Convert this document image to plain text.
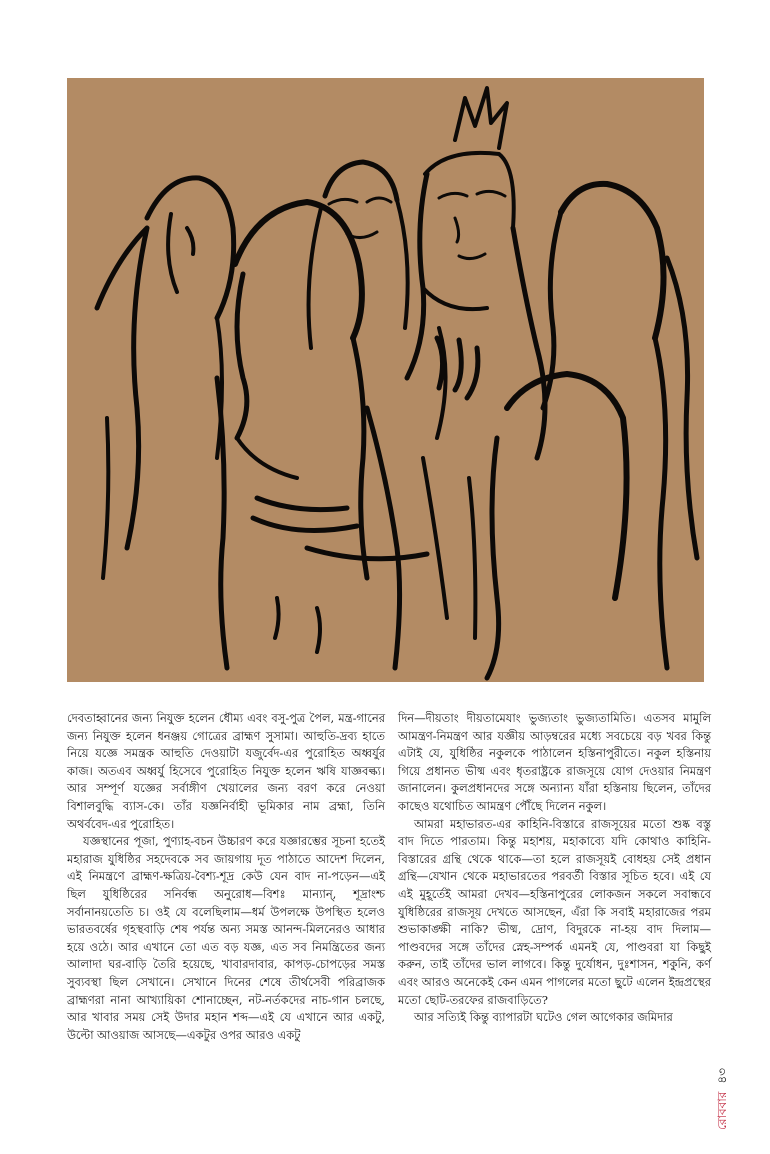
দেবতাহ্বানের জন্য নিযুক্ত হলেন ধৌম্য এবং বসু-পুত্র পৈল, মন্ত্র-গানের জন্য নিযুক্ত হলেন ধনঞ্জয় গোত্রের ব্রাহ্মণ সুসামা। আহুতি-দ্রব্য হাতে নিয়ে যজ্ঞে সমন্ত্রক আহুতি দেওয়াটা যজুর্বেদ-এর পুরোহিত অধ্বর্যুর কাজ। অতএব অধ্বর্যু হিসেবে পুরোহিত নিযুক্ত হলেন ঋষি যাজ্ঞবল্ক্য। আর সম্পূর্ণ যজ্ঞের সর্বাঙ্গীণ খেয়ালের জন্য বরণ করে নেওয়া বিশালবুদ্ধি ব্যাস-কে। তাঁর যজ্ঞনির্বাহী ভূমিকার নাম ব্রহ্মা, তিনি অথর্ববেদ-এর পুরোহিত।

যজ্ঞস্থানের পূজা, পুণ্যাহ-বচন উচ্চারণ করে যজ্ঞারম্ভের সূচনা হতেই মহারাজ যুধিষ্ঠির সহদেবকে সব জায়গায় দূত পাঠাতে আদেশ দিলেন, এই নিমন্ত্রণে ব্রাহ্মণ-ক্ষত্রিয়-বৈশ্য-শূদ্র কেউ যেন বাদ না-পড়েন—এই ছিল যুধিষ্ঠিরের সনির্বন্ধ অনুরোধ—বিশঃ মান্যান্, শূদ্রাংশ্চ সর্বানানয়তেতি চ। ওই যে বলেছিলাম—ধর্ম উপলক্ষে উপস্থিত হলেও ভারতবর্ষের গৃহস্থবাড়ি শেষ পর্যন্ত অন্য সমস্ত আনন্দ-মিলনেরও আধার হয়ে ওঠে। আর এখানে তো এত বড় যজ্ঞ, এত সব নিমন্ত্রিতের জন্য আলাদা ঘর-বাড়ি তৈরি হয়েছে, খাবারদাবার, কাপড়-চোপড়ের সমস্ত সুব্যবস্থা ছিল সেখানে। সেখানে দিনের শেষে তীর্থসেবী পরিব্রাজক ব্রাহ্মণরা নানা আখ্যায়িকা শোনাচ্ছেন, নট-নর্তকদের নাচ-গান চলছে, আর খাবার সময় সেই উদার মহান শব্দ—এই যে এখানে আর একটু, উল্টো আওয়াজ আসছে—একটুর ওপর আরও একটু

দিন—দীয়তাং দীয়তামেযাং ভুজ্যতাং ভুজ্যতামিতি। এতসব মামুলি আমন্ত্রণ-নিমন্ত্রণ আর যজ্ঞীয় আড়ম্বরের মধ্যে সবচেয়ে বড় খবর কিন্তু এটাই যে, যুধিষ্ঠির নকুলকে পাঠালেন হস্তিনাপুরীতে। নকুল হস্তিনায় গিয়ে প্রধানত ভীষ্ম এবং ধৃতরাষ্ট্রকে রাজসূয়ে যোগ দেওয়ার নিমন্ত্রণ জানালেন। কুলপ্রধানদের সঙ্গে অন্যান্য যাঁরা হস্তিনায় ছিলেন, তাঁদের কাছেও যথোচিত আমন্ত্রণ পৌঁছে দিলেন নকুল।

আমরা মহাভারত-এর কাহিনি-বিস্তারে রাজসূয়ের মতো শুষ্ক বস্তু বাদ দিতে পারতাম। কিন্তু মহাশয়, মহাকাব্যে যদি কোথাও কাহিনি-বিস্তারের গ্রন্থি থেকে থাকে—তা হলে রাজসূয়ই বোধহয় সেই প্রধান গ্রন্থি—যেখান থেকে মহাভারতের পরবর্তী বিস্তার সূচিত হবে। এই যে এই মুহূর্তেই আমরা দেখব—হস্তিনাপুরের লোকজন সকলে সবান্ধবে যুধিষ্ঠিরের রাজসূয় দেখতে আসছেন, এঁরা কি সবাই মহারাজের পরম শুভাকাঙ্ক্ষী নাকি? ভীষ্ম, দ্রোণ, বিদুরকে না-হয় বাদ দিলাম—পাণ্ডবদের সঙ্গে তাঁদের স্নেহ-সম্পর্ক এমনই যে, পাণ্ডবরা যা কিছুই করুন, তাই তাঁদের ভাল লাগবে। কিন্তু দুর্যোধন, দুঃশাসন, শকুনি, কর্ণ এবং আরও অনেকেই কেন এমন পাগলের মতো ছুটে এলেন ইন্দ্রপ্রস্থের মতো ছোট-তরফের রাজবাড়িতে?

আর সত্যিই কিন্তু ব্যাপারটা ঘটেও গেল আগেকার জমিদার

রোববার
৪৩
